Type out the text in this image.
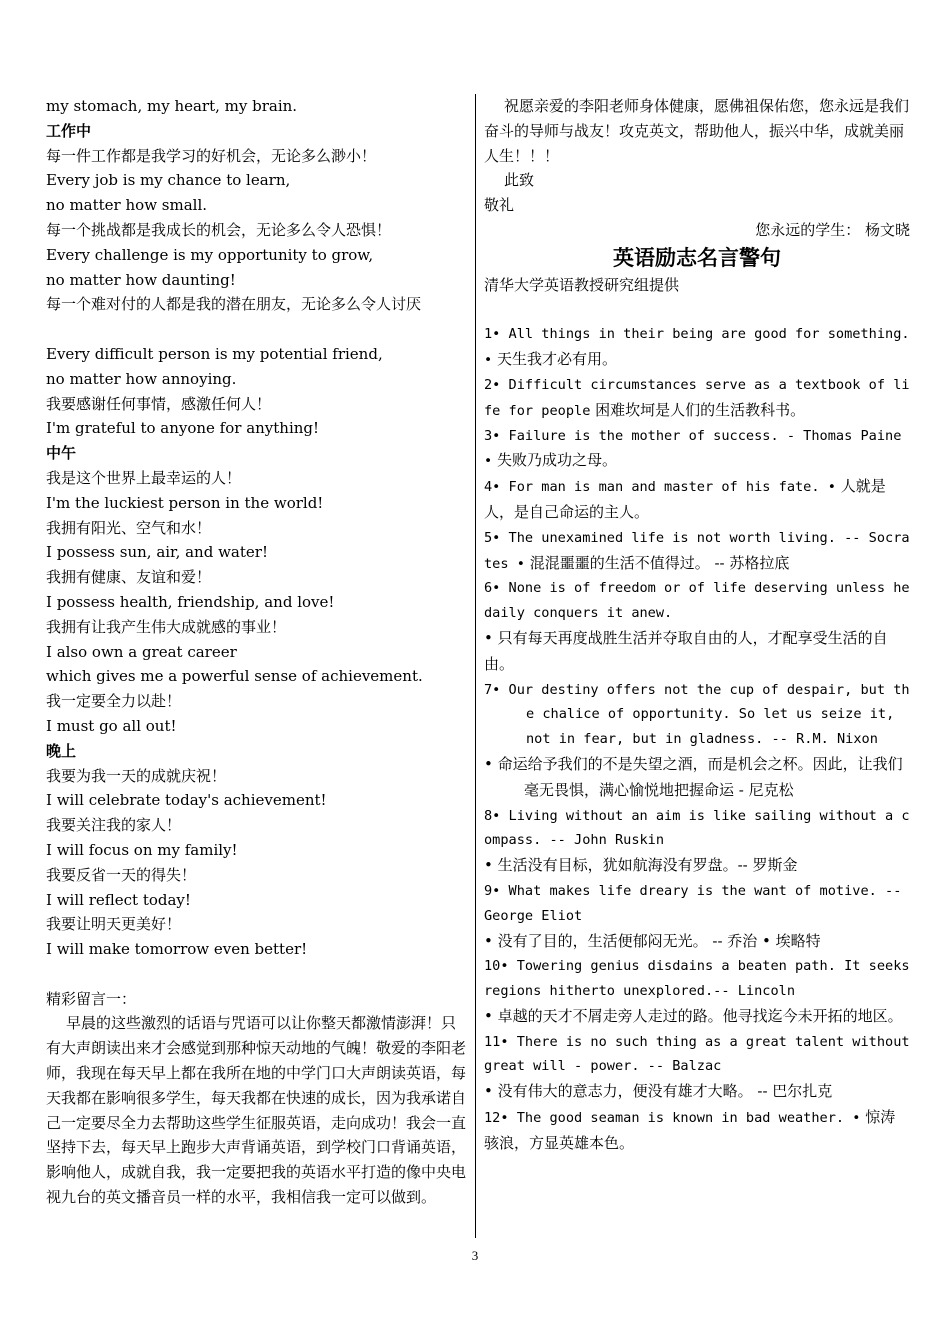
my stomach, my heart, my brain.
工作中
每一件工作都是我学习的好机会，无论多么渺小！
Every job is my chance to learn,
no matter how small.
每一个挑战都是我成长的机会，无论多么令人恐惧！
Every challenge is my opportunity to grow,
no matter how daunting!
每一个难对付的人都是我的潜在朋友，无论多么令人讨厌
Every difficult person is my potential friend,
no matter how annoying.
我要感谢任何事情，感激任何人！
I'm grateful to anyone for anything!
中午
我是这个世界上最幸运的人！
I'm the luckiest person in the world!
我拥有阳光、空气和水！
I possess sun, air, and water!
我拥有健康、友谊和爱！
I possess health, friendship, and love!
我拥有让我产生伟大成就感的事业！
I also own a great career
which gives me a powerful sense of achievement.
我一定要全力以赴！
I must go all out!
晚上
我要为我一天的成就庆祝！
I will celebrate today's achievement!
我要关注我的家人！
I will focus on my family!
我要反省一天的得失！
I will reflect today!
我要让明天更美好！
I will make tomorrow even better!
精彩留言一：
早晨的这些激烈的话语与咒语可以让你整天都激情澎湃！只有大声朗读出来才会感觉到那种惊天动地的气魄！敬爱的李阳老师，我现在每天早上都在我所在地的中学门口大声朗读英语，每天我都在影响很多学生，每天我都在快速的成长，因为我承诺自己一定要尽全力去帮助这些学生征服英语，走向成功！我会一直坚持下去，每天早上跑步大声背诵英语，到学校门口背诵英语，影响他人，成就自我，我一定要把我的英语水平打造的像中央电视九台的英文播音员一样的水平，我相信我一定可以做到。
祝愿亲爱的李阳老师身体健康，愿佛祖保佑您，您永远是我们奋斗的导师与战友！攻克英文，帮助他人，振兴中华，成就美丽人生！！！
此致
敬礼
您永远的学生： 杨文晓
英语励志名言警句
清华大学英语教授研究组提供
1• All things in their being are good for something. • 天生我才必有用。
2• Difficult circumstances serve as a textbook of life for people 困难坎坷是人们的生活教科书。
3• Failure is the mother of success. - Thomas Paine • 失败乃成功之母。
4• For man is man and master of his fate. • 人就是人，是自己命运的主人。
5• The unexamined life is not worth living. -- Socrates • 混混噩噩的生活不值得过。 -- 苏格拉底
6• None is of freedom or of life deserving unless he daily conquers it anew.
• 只有每天再度战胜生活并夺取自由的人，才配享受生活的自由。
7• Our destiny offers not the cup of despair, but the chalice of opportunity. So let us seize it, not in fear, but in gladness. -- R.M. Nixon
• 命运给予我们的不是失望之酒，而是机会之杯。因此，让我们毫无畏惧，满心愉悦地把握命运 - 尼克松
8• Living without an aim is like sailing without a compass. -- John Ruskin
• 生活没有目标，犹如航海没有罗盘。-- 罗斯金
9• What makes life dreary is the want of motive. -- George Eliot
• 没有了目的，生活便郁闷无光。 -- 乔治 • 埃略特
10• Towering genius disdains a beaten path. It seeks regions hitherto unexplored.-- Lincoln
• 卓越的天才不屑走旁人走过的路。他寻找迄今未开拓的地区。
11• There is no such thing as a great talent without great will - power. -- Balzac
• 没有伟大的意志力，便没有雄才大略。 -- 巴尔扎克
12• The good seaman is known in bad weather. • 惊涛骇浪，方显英雄本色。
3
